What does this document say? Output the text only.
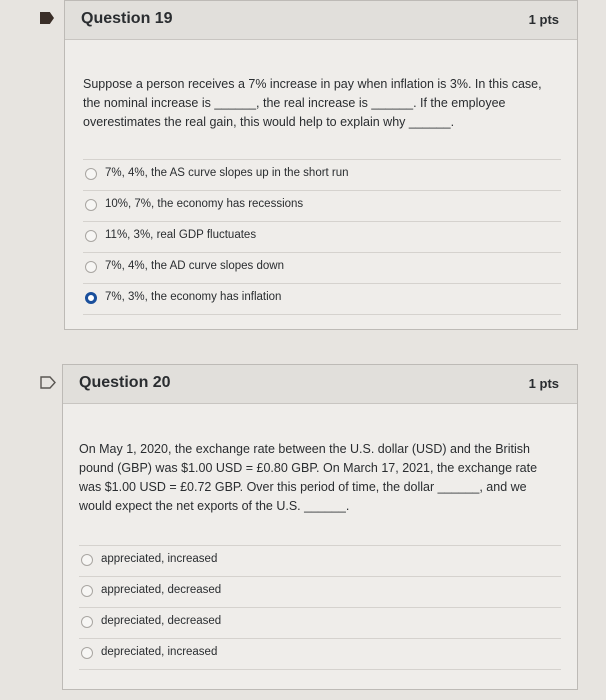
Question 19	1 pts
Suppose a person receives a 7% increase in pay when inflation is 3%. In this case,
the nominal increase is ______, the real increase is ______. If the employee
overestimates the real gain, this would help to explain why ______.
7%, 4%, the AS curve slopes up in the short run
10%, 7%, the economy has recessions
11%, 3%, real GDP fluctuates
7%, 4%, the AD curve slopes down
7%, 3%, the economy has inflation
Question 20	1 pts
On May 1, 2020, the exchange rate between the U.S. dollar (USD) and the British
pound (GBP) was $1.00 USD = £0.80 GBP. On March 17, 2021, the exchange rate
was $1.00 USD = £0.72 GBP. Over this period of time, the dollar ______, and we
would expect the net exports of the U.S. ______.
appreciated, increased
appreciated, decreased
depreciated, decreased
depreciated, increased
